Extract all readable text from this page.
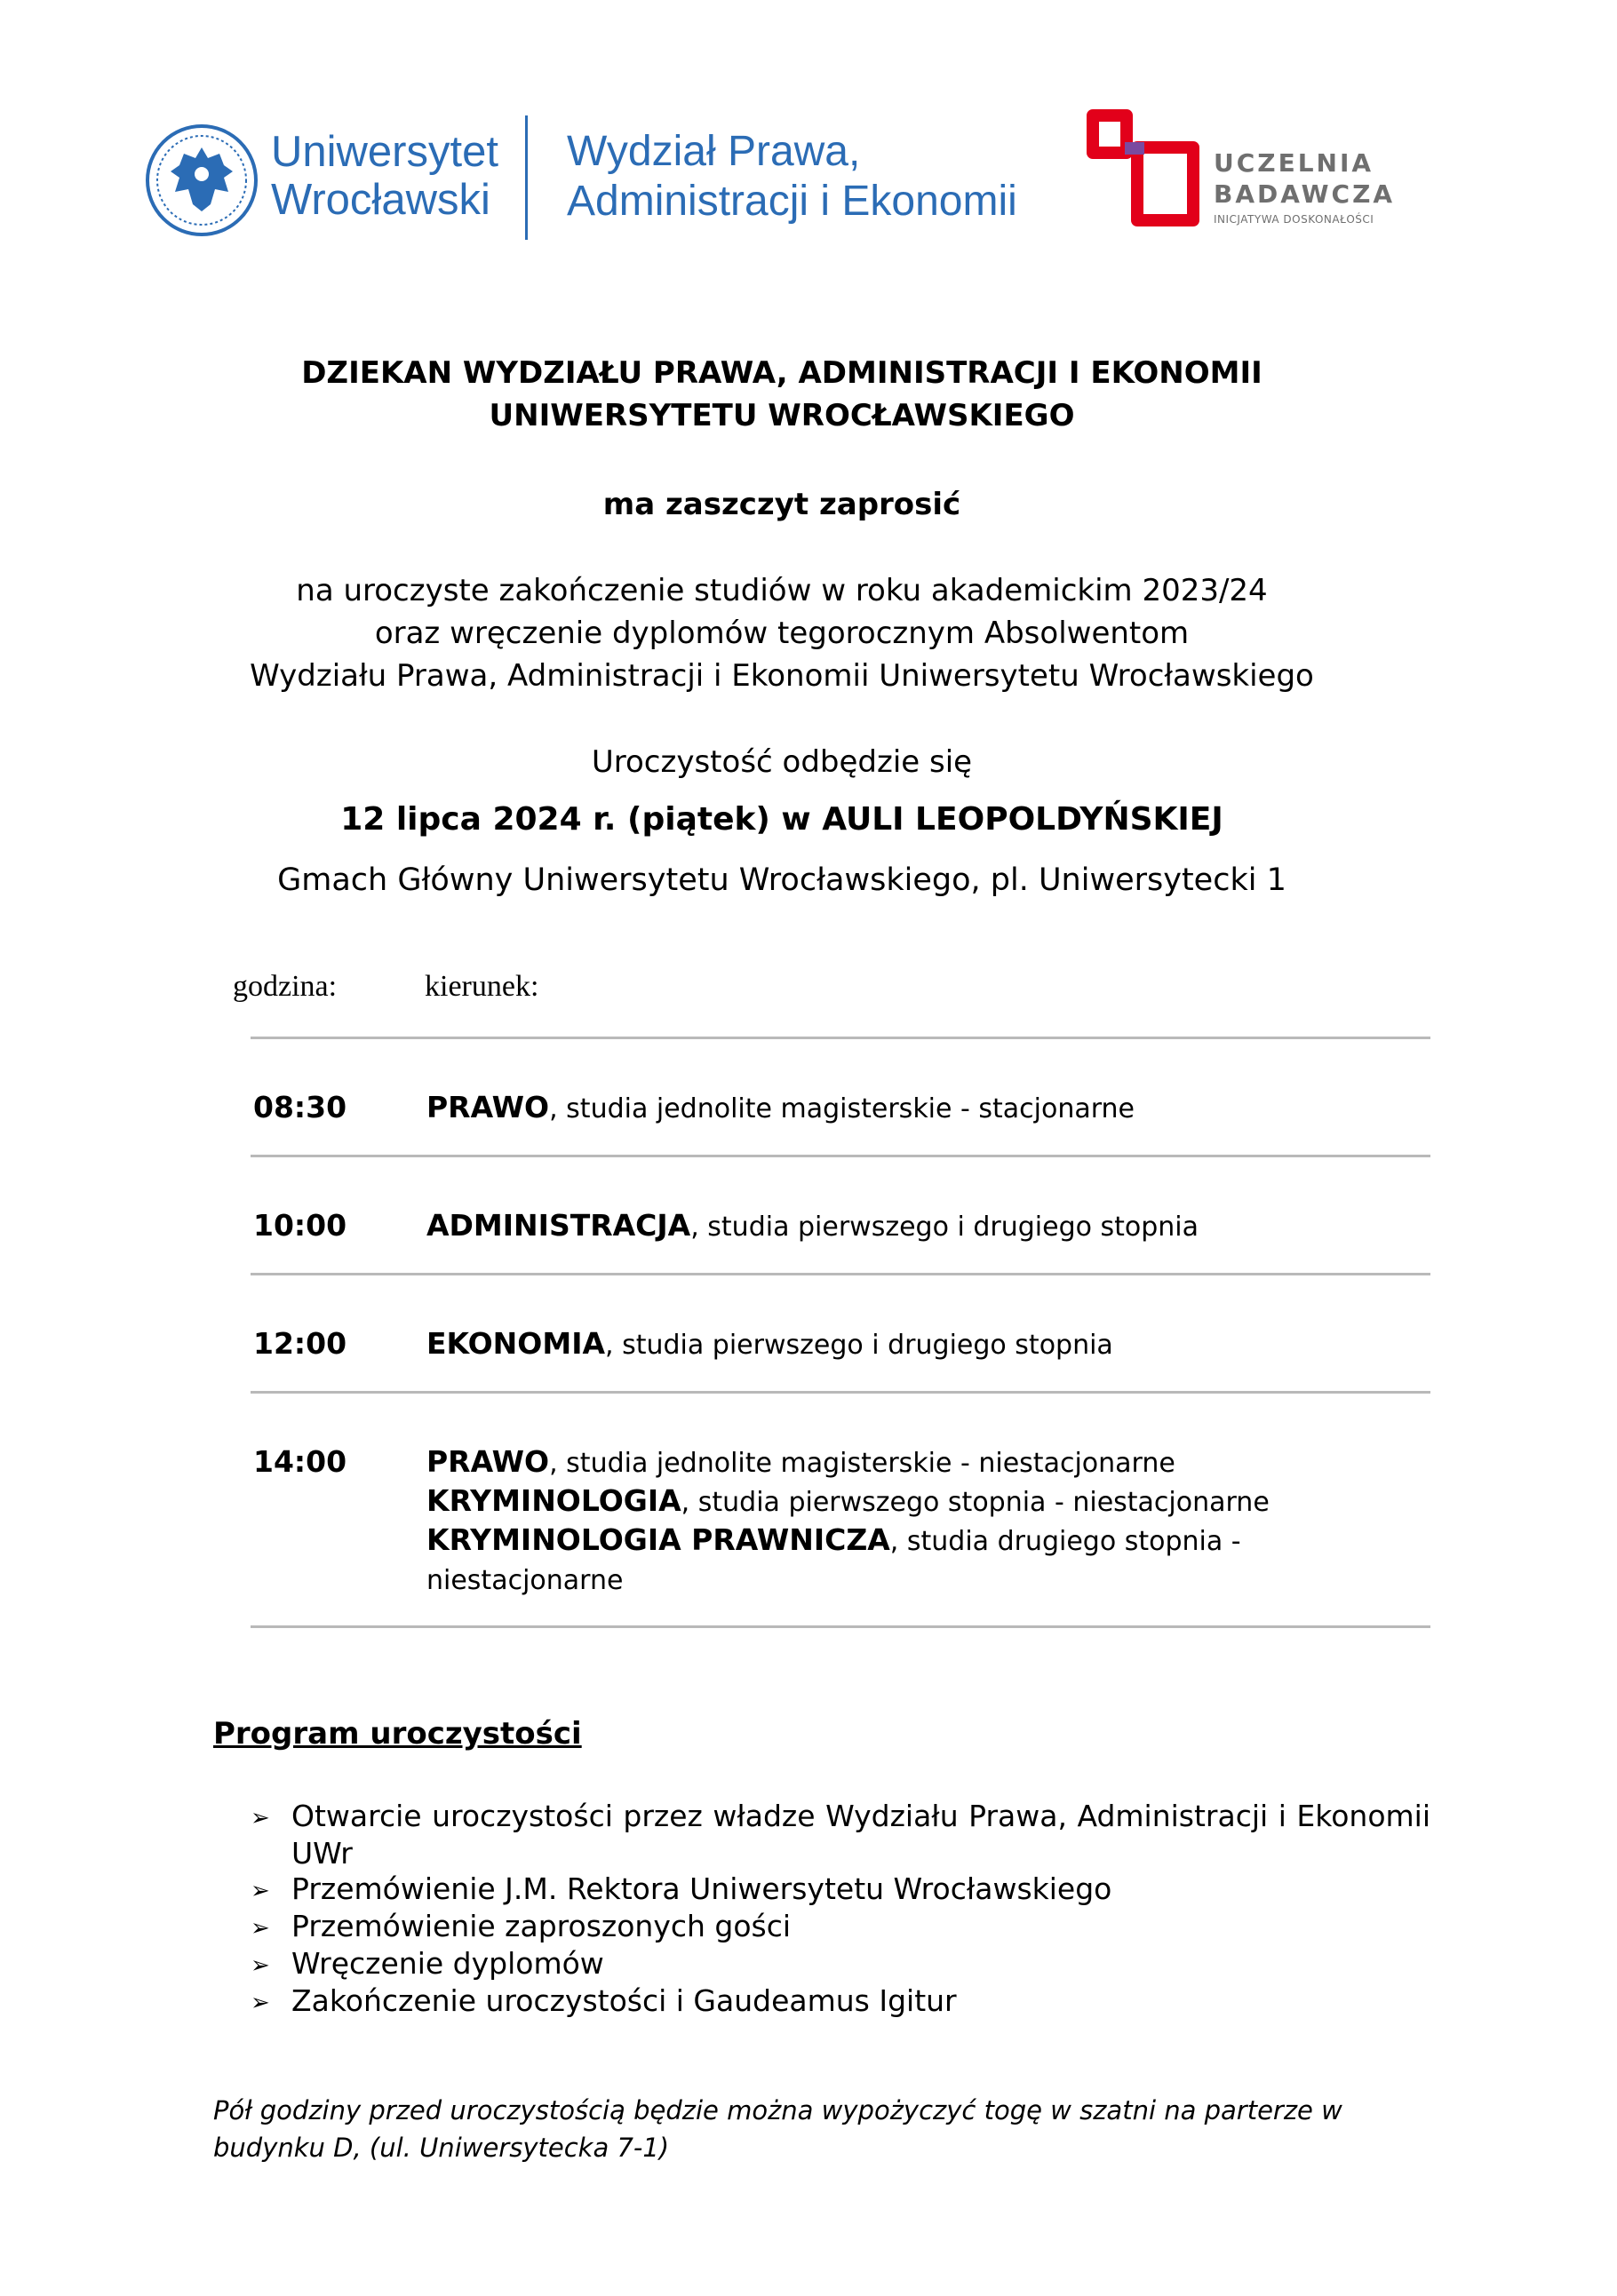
Uniwersytet
Wrocławski
Wydział Prawa,
Administracji i Ekonomii
UCZELNIA
BADAWCZA
INICJATYWA DOSKONAŁOŚCI
DZIEKAN WYDZIAŁU PRAWA, ADMINISTRACJI I EKONOMII
UNIWERSYTETU WROCŁAWSKIEGO
ma zaszczyt zaprosić
na uroczyste zakończenie studiów w roku akademickim 2023/24
oraz wręczenie dyplomów tegorocznym Absolwentom
Wydziału Prawa, Administracji i Ekonomii Uniwersytetu Wrocławskiego
Uroczystość odbędzie się
12 lipca 2024 r. (piątek) w AULI LEOPOLDYŃSKIEJ
Gmach Główny Uniwersytetu Wrocławskiego, pl. Uniwersytecki 1
godzina:	kierunek:
08:30	PRAWO, studia jednolite magisterskie - stacjonarne
10:00	ADMINISTRACJA, studia pierwszego i drugiego stopnia
12:00	EKONOMIA, studia pierwszego i drugiego stopnia
14:00	PRAWO, studia jednolite magisterskie - niestacjonarne
KRYMINOLOGIA, studia pierwszego stopnia - niestacjonarne
KRYMINOLOGIA PRAWNICZA, studia drugiego stopnia -
niestacjonarne
Program uroczystości
➢ Otwarcie uroczystości przez władze Wydziału Prawa, Administracji i Ekonomii UWr
➢ Przemówienie J.M. Rektora Uniwersytetu Wrocławskiego
➢ Przemówienie zaproszonych gości
➢ Wręczenie dyplomów
➢ Zakończenie uroczystości i Gaudeamus Igitur
Pół godziny przed uroczystością będzie można wypożyczyć togę w szatni na parterze w
budynku D, (ul. Uniwersytecka 7-1)
